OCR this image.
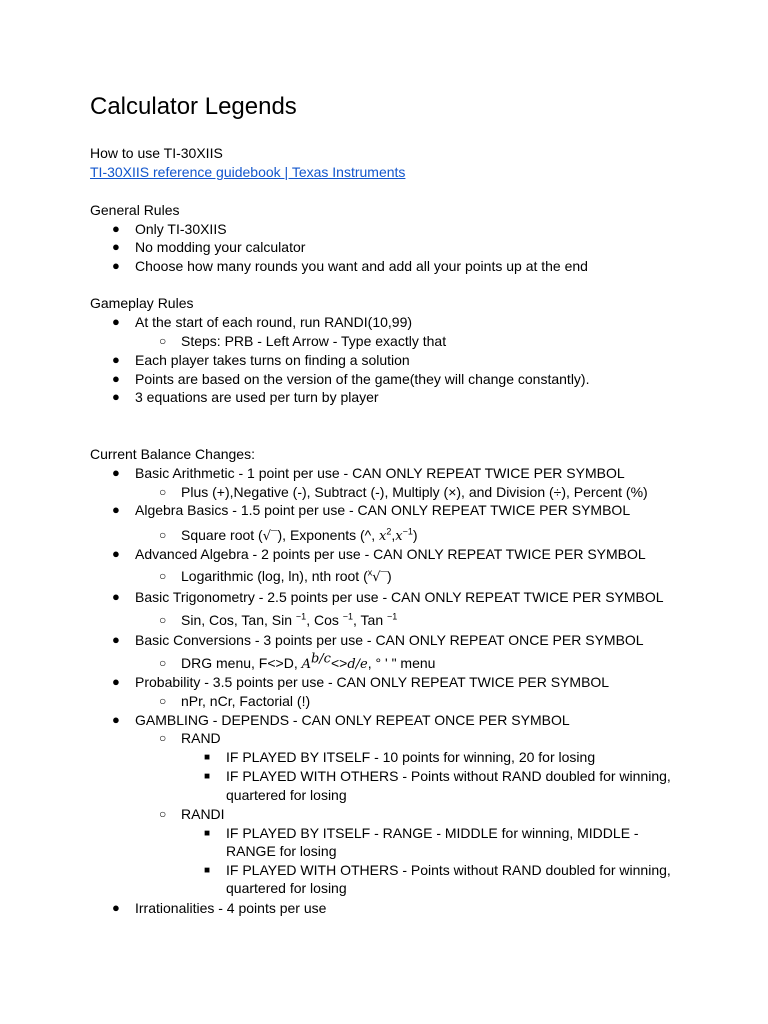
Calculator Legends
How to use TI-30XIIS
TI-30XIIS reference guidebook | Texas Instruments
General Rules
● Only TI-30XIIS
● No modding your calculator
● Choose how many rounds you want and add all your points up at the end
Gameplay Rules
● At the start of each round, run RANDI(10,99)
○ Steps: PRB - Left Arrow - Type exactly that
● Each player takes turns on finding a solution
● Points are based on the version of the game(they will change constantly).
● 3 equations are used per turn by player
Current Balance Changes:
● Basic Arithmetic - 1 point per use - CAN ONLY REPEAT TWICE PER SYMBOL
○ Plus (+),Negative (-), Subtract (-), Multiply (×), and Division (÷), Percent (%)
● Algebra Basics - 1.5 point per use - CAN ONLY REPEAT TWICE PER SYMBOL
○ Square root (√‾), Exponents (^, $x^2,x^{-1}$)
● Advanced Algebra - 2 points per use - CAN ONLY REPEAT TWICE PER SYMBOL
○ Logarithmic (log, ln), nth root ($^x$√‾)
● Basic Trigonometry - 2.5 points per use - CAN ONLY REPEAT TWICE PER SYMBOL
○ Sin, Cos, Tan, Sin $^{-1}$, Cos $^{-1}$, Tan $^{-1}$
● Basic Conversions - 3 points per use - CAN ONLY REPEAT ONCE PER SYMBOL
○ DRG menu, F<>D, $A^{b/c}<>d/e$, ° ' " menu
● Probability - 3.5 points per use - CAN ONLY REPEAT TWICE PER SYMBOL
○ nPr, nCr, Factorial (!)
● GAMBLING - DEPENDS - CAN ONLY REPEAT ONCE PER SYMBOL
○ RAND
■ IF PLAYED BY ITSELF - 10 points for winning, 20 for losing
■ IF PLAYED WITH OTHERS - Points without RAND doubled for winning,
quartered for losing
○ RANDI
■ IF PLAYED BY ITSELF - RANGE - MIDDLE for winning, MIDDLE -
RANGE for losing
■ IF PLAYED WITH OTHERS - Points without RAND doubled for winning,
quartered for losing
● Irrationalities - 4 points per use
